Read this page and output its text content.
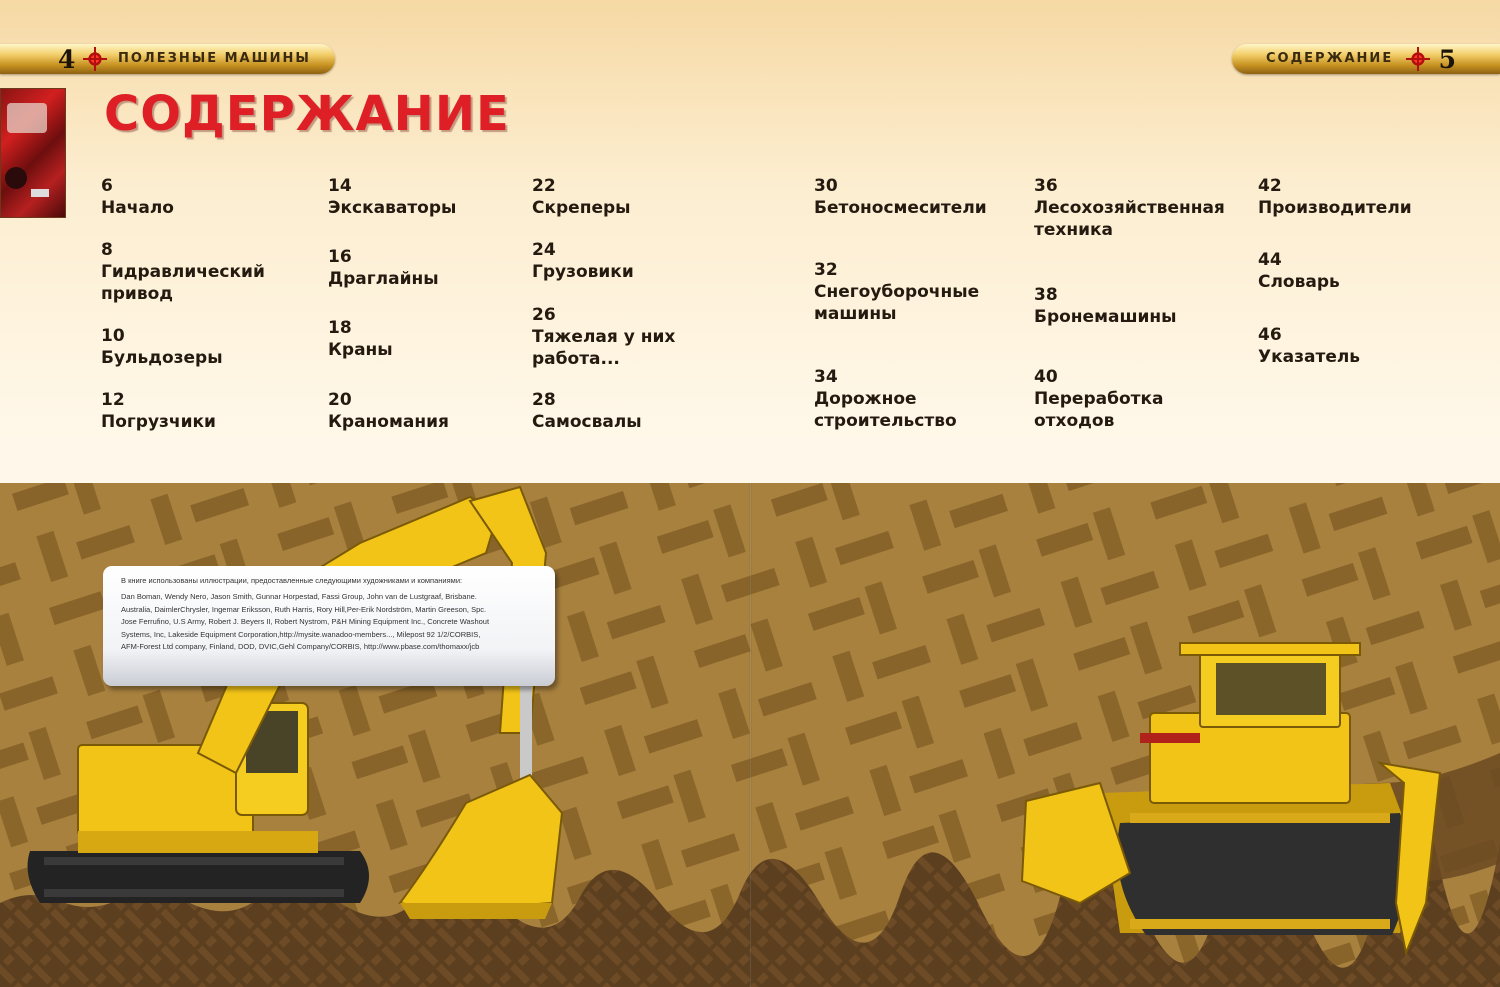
4	ПОЛЕЗНЫЕ МАШИНЫ	СОДЕРЖАНИЕ 5
СОДЕРЖАНИЕ
6
Начало
8
Гидравлический
привод
10
Бульдозеры
12
Погрузчики
14
Экскаваторы
16
Драглайны
18
Краны
20
Краномания
22
Скреперы
24
Грузовики
26
Тяжелая у них
работа...
28
Самосвалы
30
Бетоносмесители
32
Снегоуборочные
машины
34
Дорожное
строительство
36
Лесохозяйственная
техника
38
Бронемашины
40
Переработка
отходов
42
Производители
44
Словарь
46
Указатель
В книге использованы иллюстрации, предоставленные следующими художниками и компаниями:
Dan Boman, Wendy Nero, Jason Smith, Gunnar Horpestad, Fassi Group, John van de Lustgraaf, Brisbane.
Australia, DaimlerChrysler, Ingemar Eriksson, Ruth Harris, Rory Hill,Per-Erik Nordström, Martin Greeson, Spc.
Jose Ferrufino, U.S Army, Robert J. Beyers II, Robert Nystrom, P&H Mining Equipment Inc., Concrete Washout
Systems, Inc, Lakeside Equipment Corporation,http://mysite.wanadoo-members..., Milepost 92 1/2/CORBIS,
AFM-Forest Ltd company, Finland, DOD, DVIC,Gehl Company/CORBIS, http://www.pbase.com/thomaxx/jcb
